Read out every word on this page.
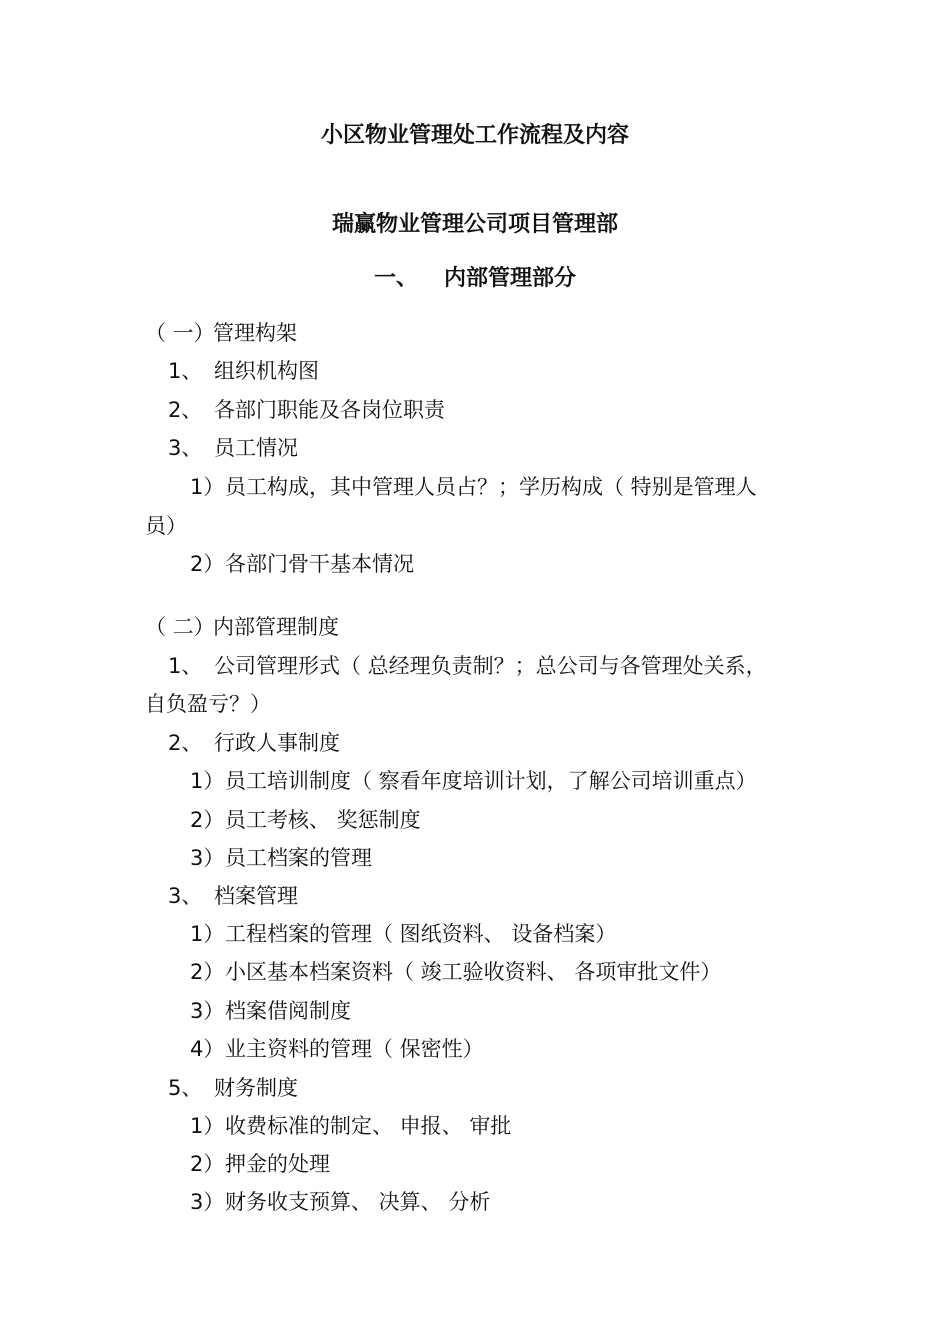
小区物业管理处工作流程及内容
瑞赢物业管理公司项目管理部
一、 内部管理部分
（ 一）管理构架
1、 组织机构图
2、 各部门职能及各岗位职责
3、 员工情况
1）员工构成，其中管理人员占？；学历构成（ 特别是管理人
员）
2）各部门骨干基本情况
（ 二）内部管理制度
1、 公司管理形式（ 总经理负责制？；总公司与各管理处关系，
自负盈亏？）
2、 行政人事制度
1）员工培训制度（ 察看年度培训计划，了解公司培训重点）
2）员工考核、 奖惩制度
3）员工档案的管理
3、 档案管理
1）工程档案的管理（ 图纸资料、 设备档案）
2）小区基本档案资料（ 竣工验收资料、 各项审批文件）
3）档案借阅制度
4）业主资料的管理（ 保密性）
5、 财务制度
1）收费标准的制定、 申报、 审批
2）押金的处理
3）财务收支预算、 决算、 分析
